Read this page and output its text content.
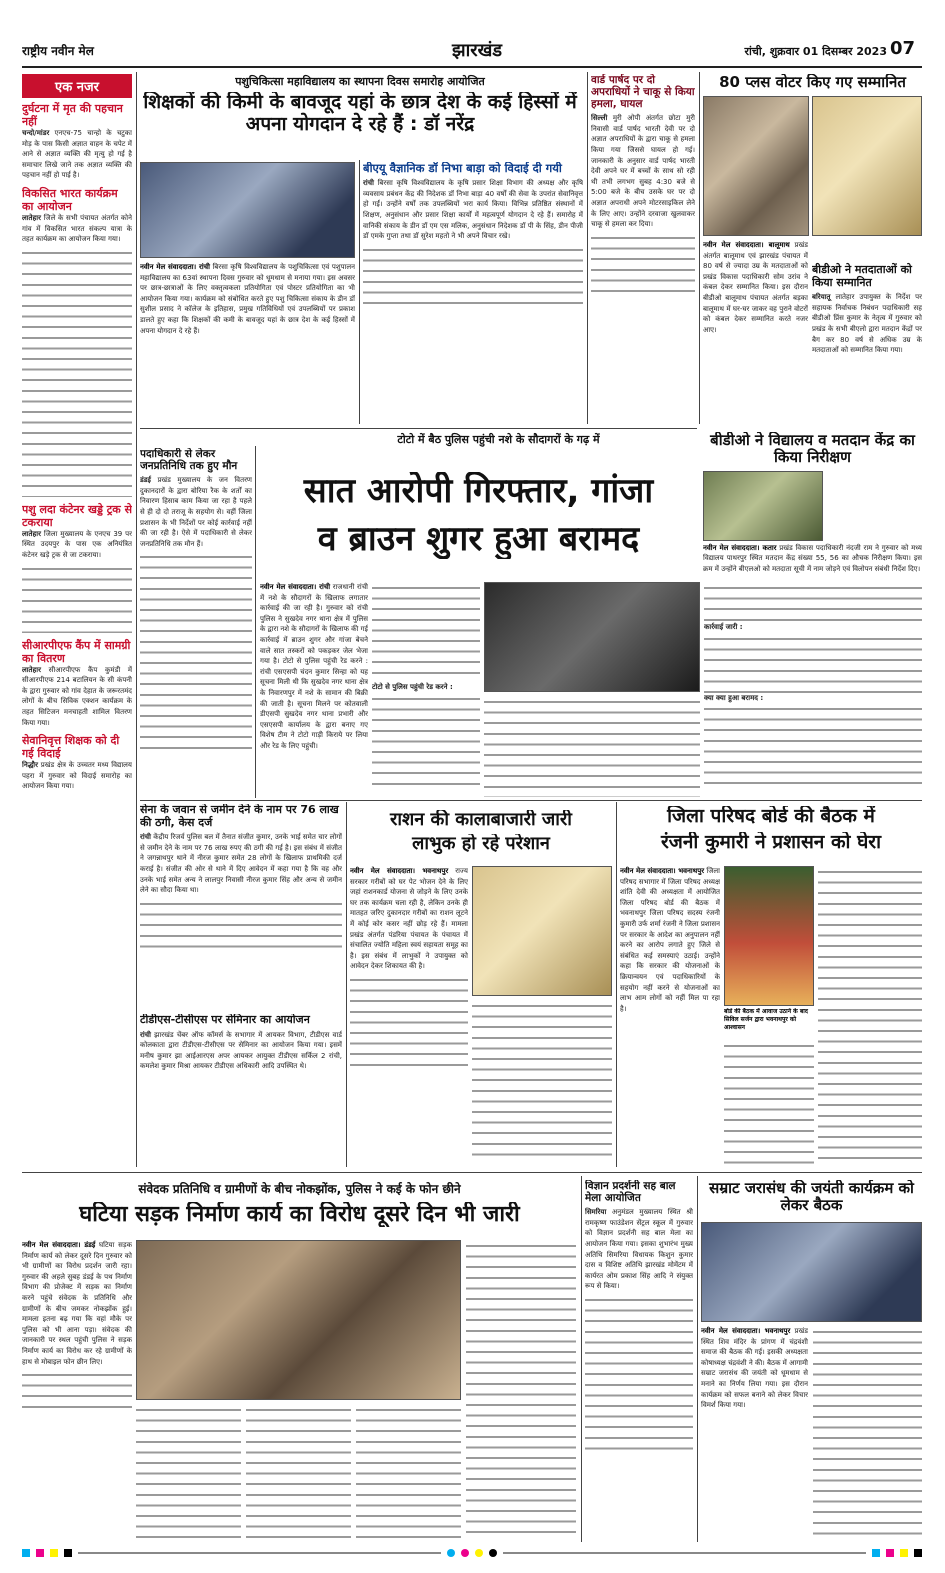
राष्ट्रीय नवीन मेल	झारखंड	रांची, शुक्रवार 01 दिसम्बर 2023 07
एक नजर
दुर्घटना में मृत की पहचान नहीं
चन्दो/मांडर एनएच-75 चान्हो के चटुका मोड़ के पास किसी अज्ञात वाहन के चपेट में आने से अज्ञात व्यक्ति की मृत्यु हो गई है समाचार लिखे जाने तक अज्ञात व्यक्ति की पहचान नहीं हो पाई है।
विकसित भारत कार्यक्रम का आयोजन
लातेहार जिले के सभी पंचायत अंतर्गत कोने गांव में विकसित भारत संकल्प यात्रा के तहत कार्यक्रम का आयोजन किया गया।
पशु लदा कंटेनर खड्डे ट्रक से टकराया
लातेहार जिला मुख्यालय के एनएच 39 पर स्थित उदयपुर के पास एक अनियंत्रित कंटेनर खड़े ट्रक से जा टकराया।
सीआरपीएफ कैंप में सामग्री का वितरण
लातेहार सीआरपीएफ कैंप कुमंडी में सीआरपीएफ 214 बटालियन के सी कंपनी के द्वारा गुरुवार को गांव देहात के जरूरतमंद लोगों के बीच सिविक एक्शन कार्यक्रम के तहत सिटिजन मनचाहती शामिल वितरण किया गया।
सेवानिवृत्त शिक्षक को दी गई विदाई
निद्धौर प्रखंड क्षेत्र के उच्चतर मध्य विद्यालय पहरा में गुरुवार को विदाई समारोह का आयोजन किया गया।
पशुचिकित्सा महाविद्यालय का स्थापना दिवस समारोह आयोजित
शिक्षकों की किमी के बावजूद यहां के छात्र देश के कई हिस्सों में अपना योगदान दे रहे हैं : डॉ नरेंद्र
नवीन मेल संवाददाता। रांची बिरसा कृषि विश्वविद्यालय के पशुचिकित्सा एवं पशुपालन महाविद्यालय का 63वां स्थापना दिवस गुरुवार को धूमधाम से मनाया गया। इस अवसर पर छात्र-छात्राओं के लिए वक्तृत्वकला प्रतियोगिता एवं पोस्टर प्रतियोगिता का भी आयोजन किया गया। कार्यक्रम को संबोधित करते हुए पशु चिकित्सा संकाय के डीन डॉ सुशील प्रसाद ने कॉलेज के इतिहास, प्रमुख गतिविधियों एवं उपलब्धियों पर प्रकाश डालते हुए कहा कि शिक्षकों की कमी के बावजूद यहां के छात्र देश के कई हिस्सों में अपना योगदान दे रहे हैं।
बीएयू वैज्ञानिक डॉ निभा बाड़ा को विदाई दी गयी
रांची बिरसा कृषि विश्वविद्यालय के कृषि प्रसार शिक्षा विभाग की अध्यक्ष और कृषि व्यवसाय प्रबंधन केंद्र की निदेशक डॉ निभा बाड़ा 40 वर्षों की सेवा के उपरांत सेवानिवृत्त हो गईं। उन्होंने वर्षों तक उपलब्धियों भरा कार्य किया। विभिन्न प्रतिष्ठित संस्थानों में शिक्षण, अनुसंधान और प्रसार शिक्षा कार्यों में महत्वपूर्ण योगदान दे रहे हैं। समारोह में वानिकी संकाय के डीन डॉ एम एस मलिक, अनुसंधान निदेशक डॉ पी के सिंह, डीन पीजी डॉ एमके गुप्ता तथा डॉ सुरेश महतो ने भी अपने विचार रखे।
वार्ड पार्षद पर दो अपराधियों ने चाकू से किया हमला, घायल
सिल्ली मुरी ओपी अंतर्गत छोटा मुरी निवासी वार्ड पार्षद भारती देवी पर दो अज्ञात अपराधियों के द्वारा चाकू से हमला किया गया जिससे घायल हो गई। जानकारी के अनुसार वार्ड पार्षद भारती देवी अपने घर में बच्चों के साथ सो रही थी तभी लगभग सुबह 4:30 बजे से 5:00 बजे के बीच उसके घर पर दो अज्ञात अपराधी अपने मोटरसाइकिल लेने के लिए आए। उन्होंने दरवाजा खुलवाकर चाकू से हमला कर दिया।
80 प्लस वोटर किए गए सम्मानित
नवीन मेल संवाददाता। बालूमाथ प्रखंड अंतर्गत बालूमाथ एवं झारखंड पंचायत में 80 वर्ष से ज्यादा उम्र के मतदाताओं को प्रखंड विकास पदाधिकारी सोम उरांव ने कंबल देकर सम्मानित किया। इस दौरान बीडीओ बालूमाथ पंचायत अंतर्गत बड़का बालूमाथ में घर-घर जाकर वह पुराने वोटरों को कंबल देकर सम्मानित करते नजर आए।
बीडीओ ने मतदाताओं को किया सम्मानित
बरियातू लातेहार उपायुक्त के निर्देश पर सहायक निर्वाचक निबंधन पदाधिकारी सह बीडीओ प्रिंस कुमार के नेतृत्व में गुरुवार को प्रखंड के सभी बीएलो द्वारा मतदान केंद्रों पर बैग कर 80 वर्ष से अधिक उम्र के मतदाताओं को सम्मानित किया गया।
टोटो में बैठ पुलिस पहुंची नशे के सौदागरों के गढ़ में
पदाधिकारी से लेकर जनप्रतिनिधि तक हुए मौन
डंडई प्रखंड मुख्यालय के जन वितरण दुकानदारों के द्वारा बोरिया रैक के शर्तों का निवारण हिसाब काम किया जा रहा है पहले से ही दो दो तराजू के सहयोग से। वहीं जिला प्रशासन के भी निर्देशों पर कोई कार्रवाई नहीं की जा रही है। ऐसे में पदाधिकारी से लेकर जनप्रतिनिधि तक मौन हैं।
सात आरोपी गिरफ्तार, गांजा
व ब्राउन शुगर हुआ बरामद
नवीन मेल संवाददाता। रांची राजधानी रांची में नशे के सौदागरों के खिलाफ लगातार कार्रवाई की जा रही है। गुरुवार को रांची पुलिस ने सुखदेव नगर थाना क्षेत्र में पुलिस के द्वारा नशे के सौदागरों के खिलाफ की गई कार्रवाई में ब्राउन शुगर और गांजा बेचने वाले सात तस्करों को पकड़कर जेल भेजा गया है। टोटो से पुलिस पहुंची रेड करने : रांची एसएसपी चंदन कुमार सिन्हा को यह सूचना मिली थी कि सुखदेव नगर थाना क्षेत्र के निवारणपुर में नशे के सामान की बिक्री की जाती है। सूचना मिलने पर कोतवाली डीएसपी सुखदेव नगर थाना प्रभारी और एसएसपी कार्यालय के द्वारा बनाए गए विशेष टीम ने टोटो गाड़ी किराये पर लिया और रेड के लिए पहुंची।
टोटो से पुलिस पहुंची रेड करने :
कार्रवाई जारी :
क्या क्या हुआ बरामद :
बीडीओ ने विद्यालय व मतदान केंद्र का किया निरीक्षण
नवीन मेल संवाददाता। कतार प्रखंड विकास पदाधिकारी नंदजी राम ने गुरुवार को मध्य विद्यालय पाथरपुर स्थित मतदान केंद्र संख्या 55, 56 का औचक निरीक्षण किया। इस क्रम में उन्होंने बीएलओ को मतदाता सूची में नाम जोड़ने एवं विलोपन संबंधी निर्देश दिए।
सेना के जवान से जमीन देने के नाम पर 76 लाख की ठगी, केस दर्ज
रांची केंद्रीय रिजर्व पुलिस बल में तैनात संजीत कुमार, उनके भाई समेत चार लोगों से जमीन देने के नाम पर 76 लाख रुपए की ठगी की गई है। इस संबंध में संजीत ने जगन्नाथपुर थाने में नीरज कुमार समेत 28 लोगों के खिलाफ प्राथमिकी दर्ज कराई है। संजीत की ओर से थाने में दिए आवेदन में कहा गया है कि वह और उनके भाई समेत अन्य ने लालपुर निवासी नीरज कुमार सिंह और अन्य से जमीन लेने का सौदा किया था।
टीडीएस-टीसीएस पर सेमिनार का आयोजन
रांची झारखंड चेंबर ऑफ कॉमर्स के सभागार में आयकर विभाग, टीडीएस वार्ड कोलकाता द्वारा टीडीएस-टीसीएस पर सेमिनार का आयोजन किया गया। इसमें मनीष कुमार झा आईआरएस अपर आयकर आयुक्त टीडीएस सर्किल 2 रांची, कमलेश कुमार मिश्रा आयकर टीडीएस अधिकारी आदि उपस्थित थे।
राशन की कालाबाजारी जारी
लाभुक हो रहे परेशान
नवीन मेल संवाददाता। भवनाथपुर राज्य सरकार गरीबों को घर पेट भोजन देने के लिए जहां राशनकार्ड योजना से जोड़ने के लिए उनके घर तक कार्यक्रम चला रही है, लेकिन उनके ही मातहत जरिए दुकानदार गरीबों का राशन लूटने में कोई कोर कसर नहीं छोड़ रहे हैं। मामला प्रखंड अंतर्गत पंडरिया पंचायत के पंचायत में संचालित ज्योति महिला स्वयं सहायता समूह का है। इस संबंध में लाभुकों ने उपायुक्त को आवेदन देकर शिकायत की है।
जिला परिषद बोर्ड की बैठक में
रंजनी कुमारी ने प्रशासन को घेरा
नवीन मेल संवाददाता। भवनाथपुर जिला परिषद सभागार में जिला परिषद अध्यक्ष शांति देवी की अध्यक्षता में आयोजित जिला परिषद बोर्ड की बैठक में भवनाथपुर जिला परिषद सदस्य रंजनी कुमारी उर्फ शर्मा रंजनी ने जिला प्रशासन पर सरकार के आदेश का अनुपालन नहीं करने का आरोप लगाते हुए जिले से संबंधित कई समस्याएं उठाई। उन्होंने कहा कि सरकार की योजनाओं के क्रियान्वयन एवं पदाधिकारियों के सहयोग नहीं करने से योजनाओं का लाभ आम लोगों को नहीं मिल पा रहा है।	बोर्ड की बैठक में आवाज उठाने के बाद सिविल सर्जन द्वारा भवनाथपुर को आश्वासन
संवेदक प्रतिनिधि व ग्रामीणों के बीच नोकझोंक, पुलिस ने कई के फोन छीने
घटिया सड़क निर्माण कार्य का विरोध दूसरे दिन भी जारी
नवीन मेल संवाददाता। डंडई घटिया सड़क निर्माण कार्य को लेकर दूसरे दिन गुरुवार को भी ग्रामीणों का विरोध प्रदर्शन जारी रहा। गुरुवार की अहले सुबह डंडई के पथ निर्माण विभाग की प्रोजेक्ट में सड़क का निर्माण करने पहुंचे संवेदक के प्रतिनिधि और ग्रामीणों के बीच जमकर नोकझोंक हुई। मामला इतना बढ़ गया कि वहां मौके पर पुलिस को भी आना पड़ा। संवेदक की जानकारी पर स्थल पहुंची पुलिस ने सड़क निर्माण कार्य का विरोध कर रहे ग्रामीणों के हाथ से मोबाइल फोन छीन लिए।
विज्ञान प्रदर्शनी सह बाल मेला आयोजित
सिमरिया अनुमंडल मुख्यालय स्थित श्री रामकृष्ण फाउंडेशन सेंट्रल स्कूल में गुरुवार को विज्ञान प्रदर्शनी सह बाल मेला का आयोजन किया गया। इसका शुभारंभ मुख्य अतिथि सिमरिया विधायक किशुन कुमार दास व विशिष्ट अतिथि झारखंड मोमेंटम में कार्यरत ओम प्रकाश सिंह आदि ने संयुक्त रूप से किया।
सम्राट जरासंध की जयंती कार्यक्रम को लेकर बैठक
नवीन मेल संवाददाता। भवनाथपुर प्रखंड स्थित शिव मंदिर के प्रांगण में चंद्रवंशी समाज की बैठक की गई। इसकी अध्यक्षता कोषाध्यक्ष चंद्रवंशी ने की। बैठक में आगामी सम्राट जरासंध की जयंती को धूमधाम से मनाने का निर्णय लिया गया। इस दौरान कार्यक्रम को सफल बनाने को लेकर विचार विमर्श किया गया।
